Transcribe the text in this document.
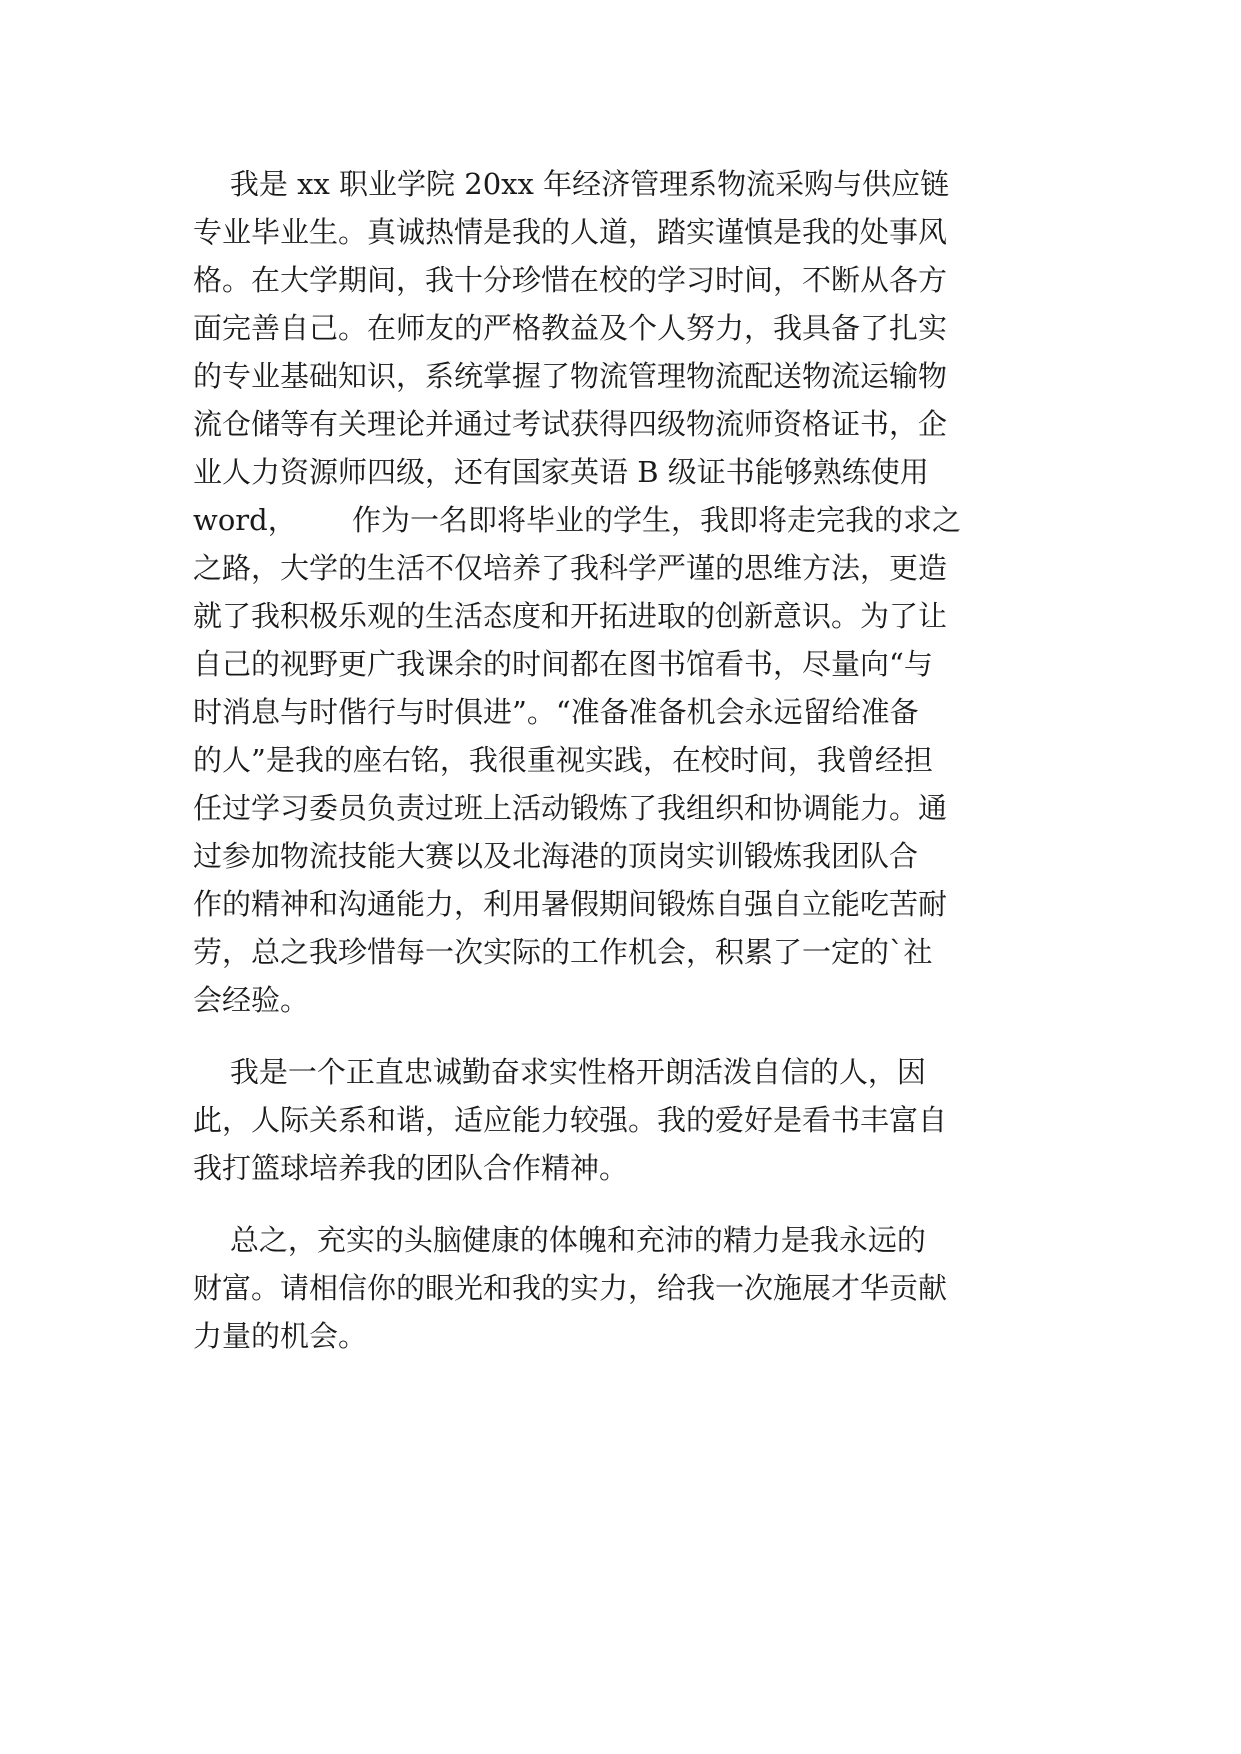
我是 xx 职业学院 20xx 年经济管理系物流采购与供应链
专业毕业生。真诚热情是我的人道，踏实谨慎是我的处事风
格。在大学期间，我十分珍惜在校的学习时间，不断从各方
面完善自己。在师友的严格教益及个人努力，我具备了扎实
的专业基础知识，系统掌握了物流管理物流配送物流运输物
流仓储等有关理论并通过考试获得四级物流师资格证书，企
业人力资源师四级，还有国家英语 B 级证书能够熟练使用
word，      作为一名即将毕业的学生，我即将走完我的求之
之路，大学的生活不仅培养了我科学严谨的思维方法，更造
就了我积极乐观的生活态度和开拓进取的创新意识。为了让
自己的视野更广我课余的时间都在图书馆看书，尽量向“与
时消息与时偕行与时俱进”。“准备准备机会永远留给准备
的人”是我的座右铭，我很重视实践，在校时间，我曾经担
任过学习委员负责过班上活动锻炼了我组织和协调能力。通
过参加物流技能大赛以及北海港的顶岗实训锻炼我团队合
作的精神和沟通能力，利用暑假期间锻炼自强自立能吃苦耐
劳，总之我珍惜每一次实际的工作机会，积累了一定的`社
会经验。
我是一个正直忠诚勤奋求实性格开朗活泼自信的人，因
此，人际关系和谐，适应能力较强。我的爱好是看书丰富自
我打篮球培养我的团队合作精神。
总之，充实的头脑健康的体魄和充沛的精力是我永远的
财富。请相信你的眼光和我的实力，给我一次施展才华贡献
力量的机会。
